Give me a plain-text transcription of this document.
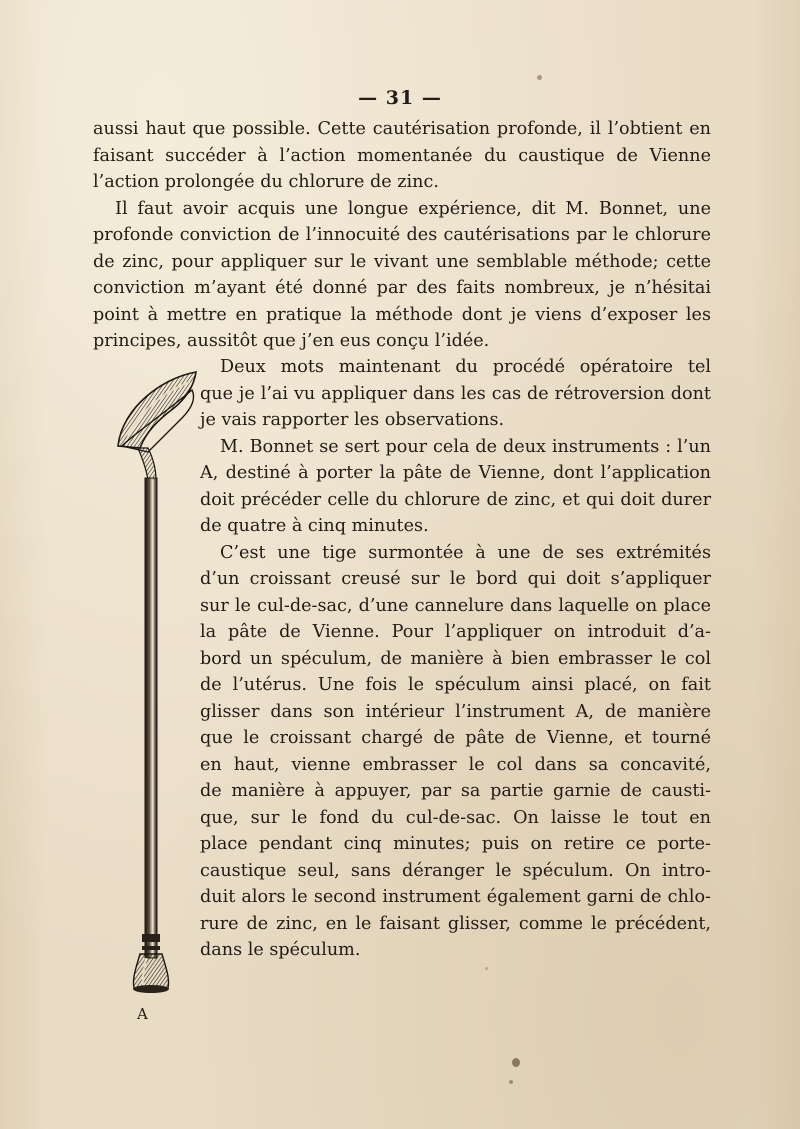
— 31 —
aussi haut que possible. Cette cautérisation profonde, il l’obtient en
faisant succéder à l’action momentanée du caustique de Vienne
l’action prolongée du chlorure de zinc.
Il faut avoir acquis une longue expérience, dit M. Bonnet, une
profonde conviction de l’innocuité des cautérisations par le chlorure
de zinc, pour appliquer sur le vivant une semblable méthode; cette
conviction m’ayant été donné par des faits nombreux, je n’hésitai
point à mettre en pratique la méthode dont je viens d’exposer les
principes, aussitôt que j’en eus conçu l’idée.
Deux mots maintenant du procédé opératoire tel
que je l’ai vu appliquer dans les cas de rétroversion dont
je vais rapporter les observations.
M. Bonnet se sert pour cela de deux instruments : l’un
A, destiné à porter la pâte de Vienne, dont l’application
doit précéder celle du chlorure de zinc, et qui doit durer
de quatre à cinq minutes.
C’est une tige surmontée à une de ses extrémités
d’un croissant creusé sur le bord qui doit s’appliquer
sur le cul-de-sac, d’une cannelure dans laquelle on place
la pâte de Vienne. Pour l’appliquer on introduit d’a-
bord un spéculum, de manière à bien embrasser le col
de l’utérus. Une fois le spéculum ainsi placé, on fait
glisser dans son intérieur l’instrument A, de manière
que le croissant chargé de pâte de Vienne, et tourné
en haut, vienne embrasser le col dans sa concavité,
de manière à appuyer, par sa partie garnie de causti-
que, sur le fond du cul-de-sac. On laisse le tout en
place pendant cinq minutes; puis on retire ce porte-
caustique seul, sans déranger le spéculum. On intro-
duit alors le second instrument également garni de chlo-
rure de zinc, en le faisant glisser, comme le précédent,
dans le spéculum.
A
